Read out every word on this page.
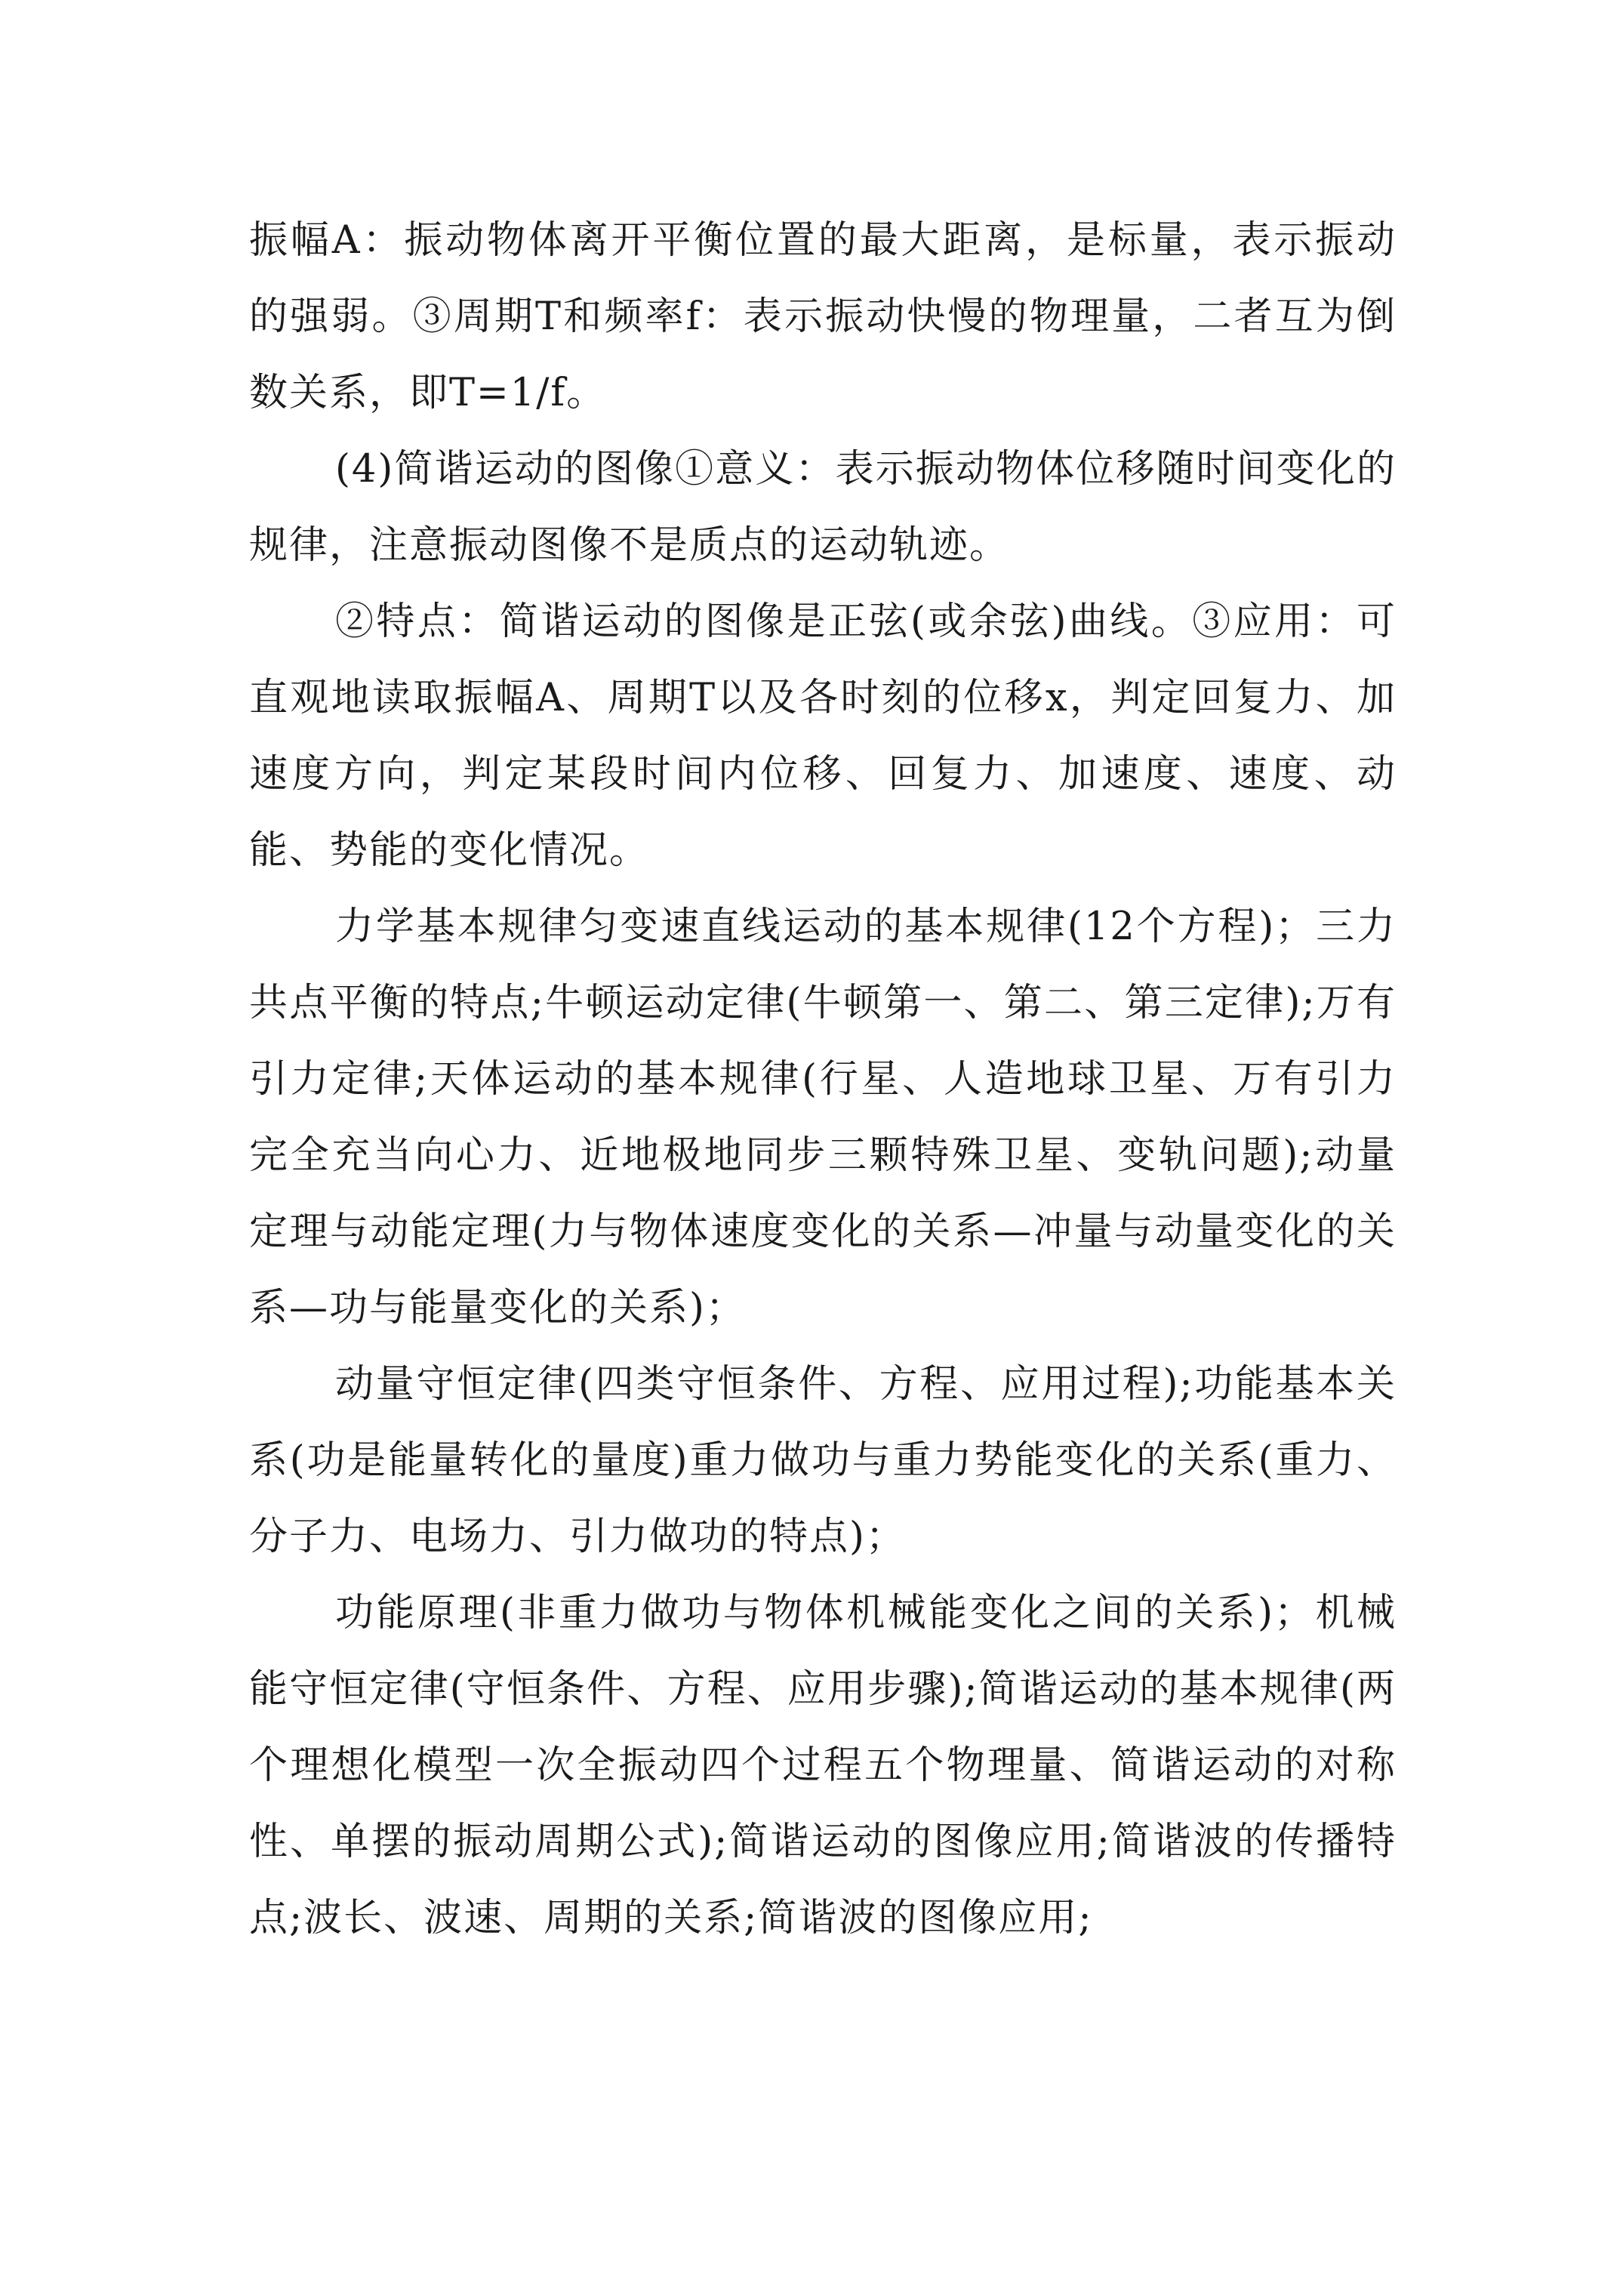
振幅A：振动物体离开平衡位置的最大距离，是标量，表示振动的强弱。③周期T和频率f：表示振动快慢的物理量，二者互为倒数关系，即T=1/f。

(4)简谐运动的图像①意义：表示振动物体位移随时间变化的规律，注意振动图像不是质点的运动轨迹。

②特点：简谐运动的图像是正弦(或余弦)曲线。③应用：可直观地读取振幅A、周期T以及各时刻的位移x，判定回复力、加速度方向，判定某段时间内位移、回复力、加速度、速度、动能、势能的变化情况。

力学基本规律匀变速直线运动的基本规律(12个方程)；三力共点平衡的特点;牛顿运动定律(牛顿第一、第二、第三定律);万有引力定律;天体运动的基本规律(行星、人造地球卫星、万有引力完全充当向心力、近地极地同步三颗特殊卫星、变轨问题);动量定理与动能定理(力与物体速度变化的关系—冲量与动量变化的关系—功与能量变化的关系)；

动量守恒定律(四类守恒条件、方程、应用过程);功能基本关系(功是能量转化的量度)重力做功与重力势能变化的关系(重力、分子力、电场力、引力做功的特点)；

功能原理(非重力做功与物体机械能变化之间的关系)；机械能守恒定律(守恒条件、方程、应用步骤);简谐运动的基本规律(两个理想化模型一次全振动四个过程五个物理量、简谐运动的对称性、单摆的振动周期公式);简谐运动的图像应用;简谐波的传播特点;波长、波速、周期的关系;简谐波的图像应用;
